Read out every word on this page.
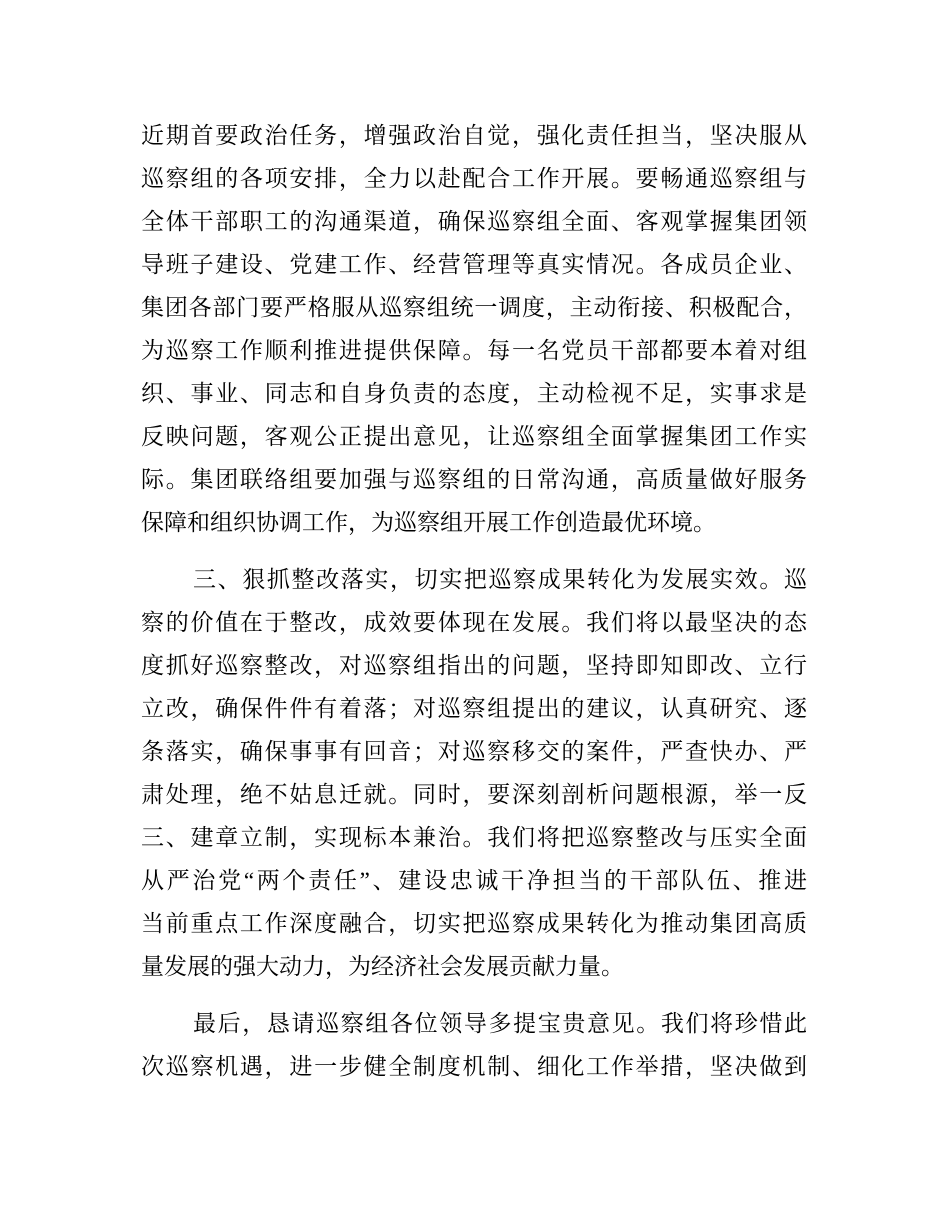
近期首要政治任务，增强政治自觉，强化责任担当，坚决服从
巡察组的各项安排，全力以赴配合工作开展。要畅通巡察组与
全体干部职工的沟通渠道，确保巡察组全面、客观掌握集团领
导班子建设、党建工作、经营管理等真实情况。各成员企业、
集团各部门要严格服从巡察组统一调度，主动衔接、积极配合，
为巡察工作顺利推进提供保障。每一名党员干部都要本着对组
织、事业、同志和自身负责的态度，主动检视不足，实事求是
反映问题，客观公正提出意见，让巡察组全面掌握集团工作实
际。集团联络组要加强与巡察组的日常沟通，高质量做好服务
保障和组织协调工作，为巡察组开展工作创造最优环境。
三、狠抓整改落实，切实把巡察成果转化为发展实效。巡
察的价值在于整改，成效要体现在发展。我们将以最坚决的态
度抓好巡察整改，对巡察组指出的问题，坚持即知即改、立行
立改，确保件件有着落；对巡察组提出的建议，认真研究、逐
条落实，确保事事有回音；对巡察移交的案件，严查快办、严
肃处理，绝不姑息迁就。同时，要深刻剖析问题根源，举一反
三、建章立制，实现标本兼治。我们将把巡察整改与压实全面
从严治党“两个责任”、建设忠诚干净担当的干部队伍、推进
当前重点工作深度融合，切实把巡察成果转化为推动集团高质
量发展的强大动力，为经济社会发展贡献力量。
最后，恳请巡察组各位领导多提宝贵意见。我们将珍惜此
次巡察机遇，进一步健全制度机制、细化工作举措，坚决做到
